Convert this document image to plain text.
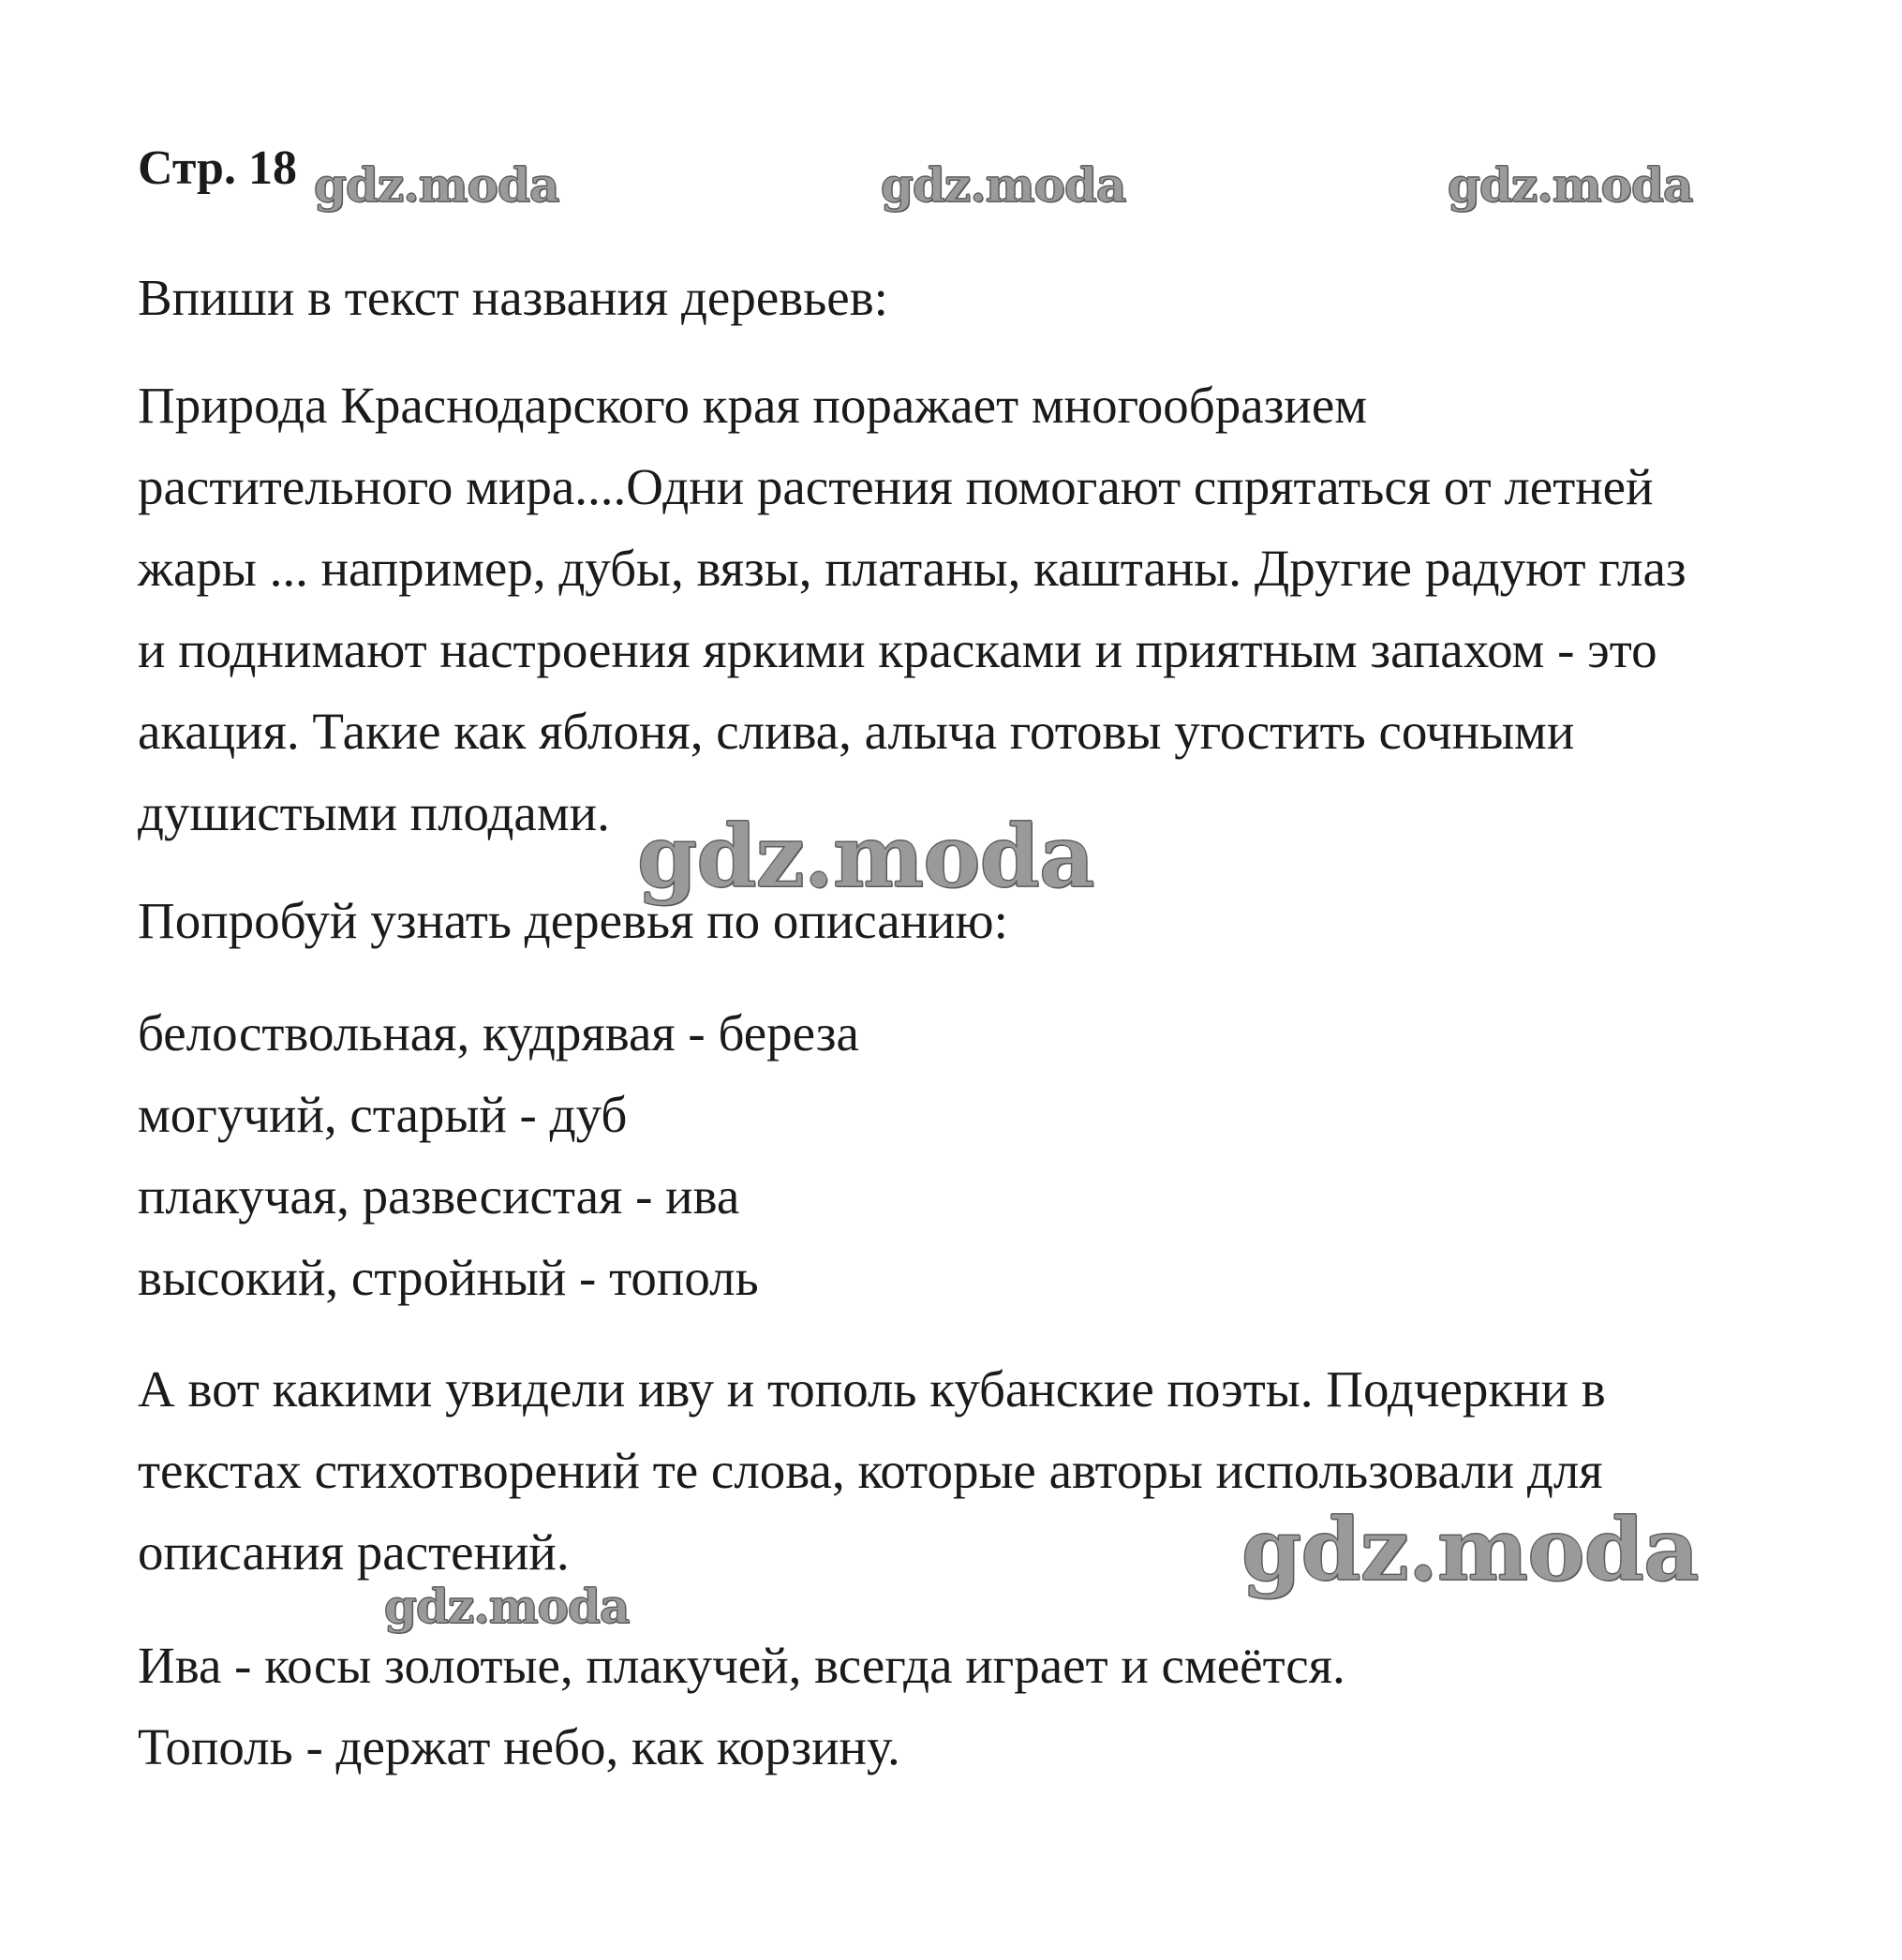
Стр. 18 gdz.moda	gdz.moda	gdz.moda
gdz.moda
gdz.moda
gdz.moda
Впиши в текст названия деревьев:
Природа Краснодарского края поражает многообразием
растительного мира....Одни растения помогают спрятаться от летней
жары ... например, дубы, вязы, платаны, каштаны. Другие радуют глаз
и поднимают настроения яркими красками и приятным запахом - это
акация. Такие как яблоня, слива, алыча готовы угостить сочными
душистыми плодами.
Попробуй узнать деревья по описанию:
белоствольная, кудрявая - береза
могучий, старый - дуб
плакучая, развесистая - ива
высокий, стройный - тополь
А вот какими увидели иву и тополь кубанские поэты. Подчеркни в
текстах стихотворений те слова, которые авторы использовали для
описания растений.
Ива - косы золотые, плакучей, всегда играет и смеётся.
Тополь - держат небо, как корзину.
